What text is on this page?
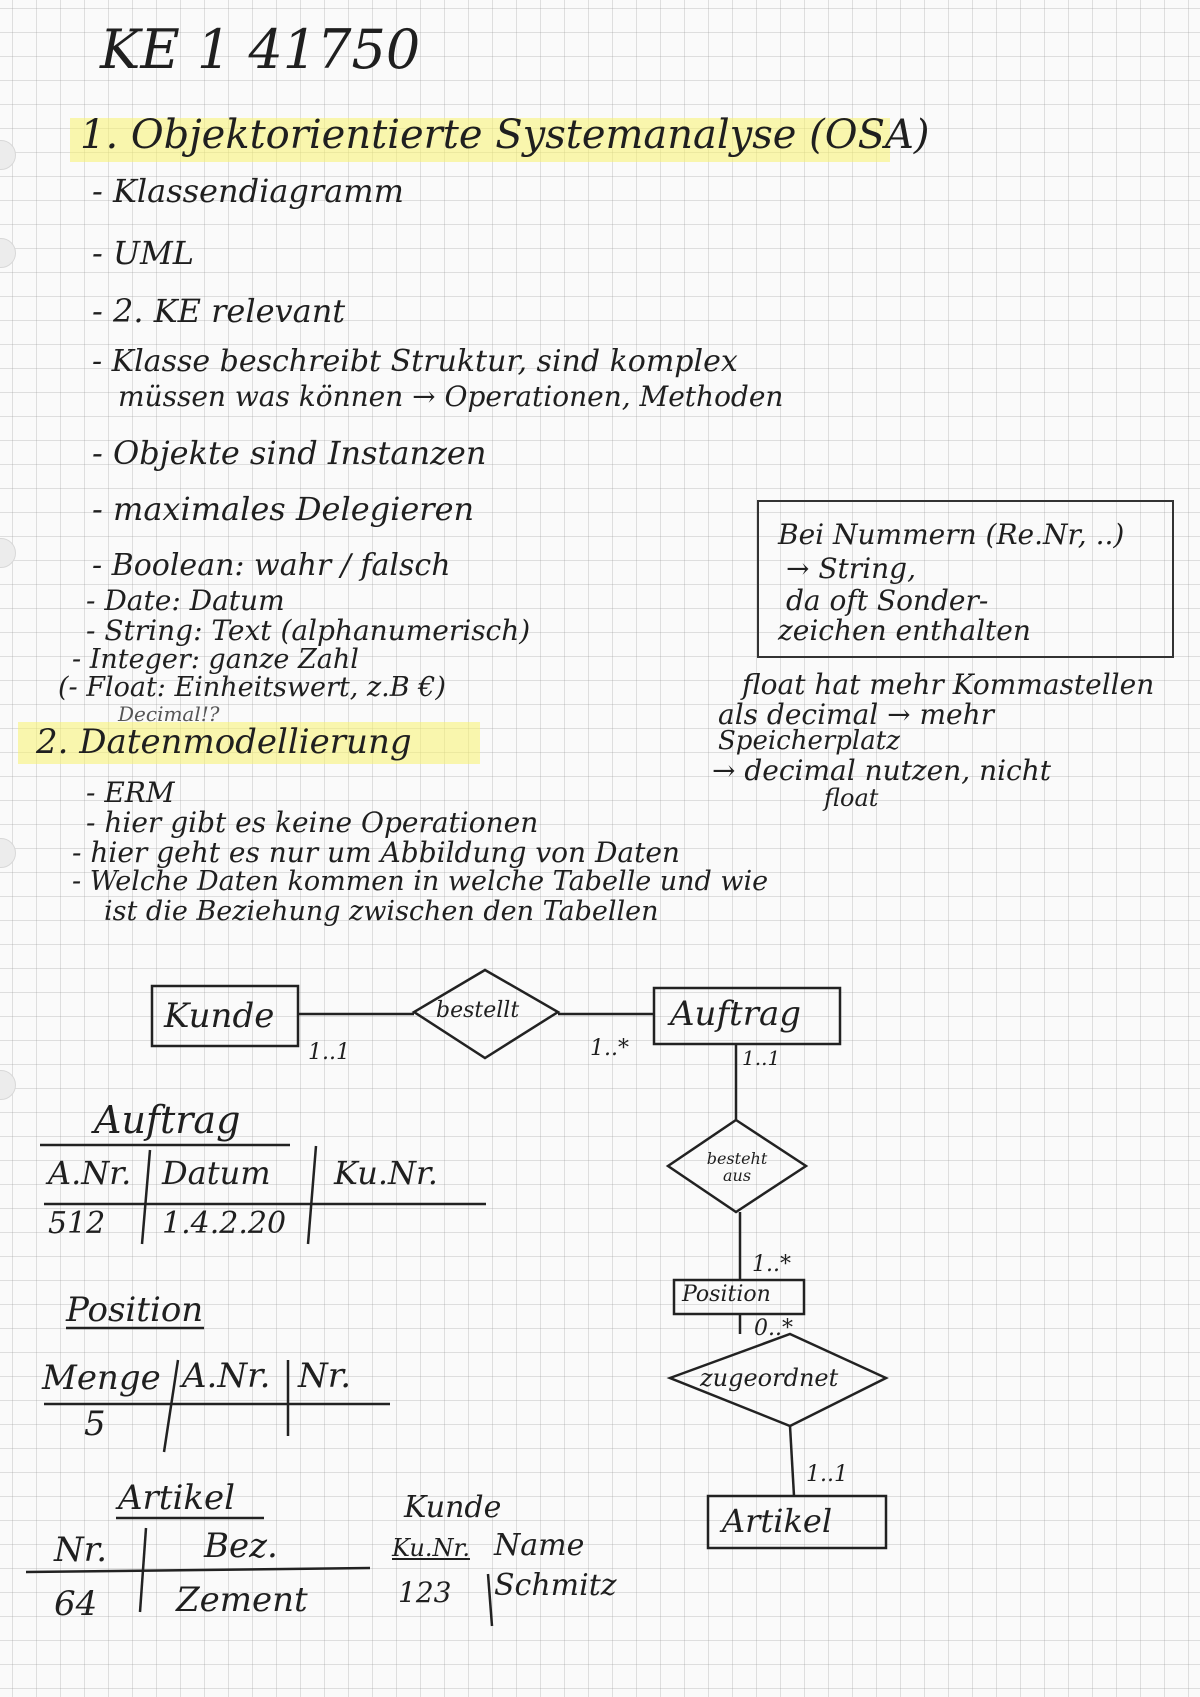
KE 1 41750
1. Objektorientierte Systemanalyse (OSA)
- Klassendiagramm
- UML
- 2. KE relevant
- Klasse beschreibt Struktur, sind komplex
müssen was können → Operationen, Methoden
- Objekte sind Instanzen
- maximales Delegieren
- Boolean: wahr / falsch
- Date: Datum
- String: Text (alphanumerisch)
- Integer: ganze Zahl
(- Float: Einheitswert, z.B €)
Decimal!?
Bei Nummern (Re.Nr, ..)
→ String,
da oft Sonder-
zeichen enthalten
float hat mehr Kommastellen
als decimal → mehr
Speicherplatz
→ decimal nutzen, nicht
float
2. Datenmodellierung
- ERM
- hier gibt es keine Operationen
- hier geht es nur um Abbildung von Daten
- Welche Daten kommen in welche Tabelle und wie
ist die Beziehung zwischen den Tabellen
Kunde	Auftrag
bestellt
besteht aus
Position
zugeordnet
Artikel
1..1	1..*	1..1
1..*
0..*
1..1
Auftrag
A.Nr. Datum Ku.Nr.
512 1.4.2.20
Position
Menge A.Nr. Nr.
5
Artikel
Nr.	Bez.
64 Zement
Kunde
Ku.Nr. Name
123 Schmitz
